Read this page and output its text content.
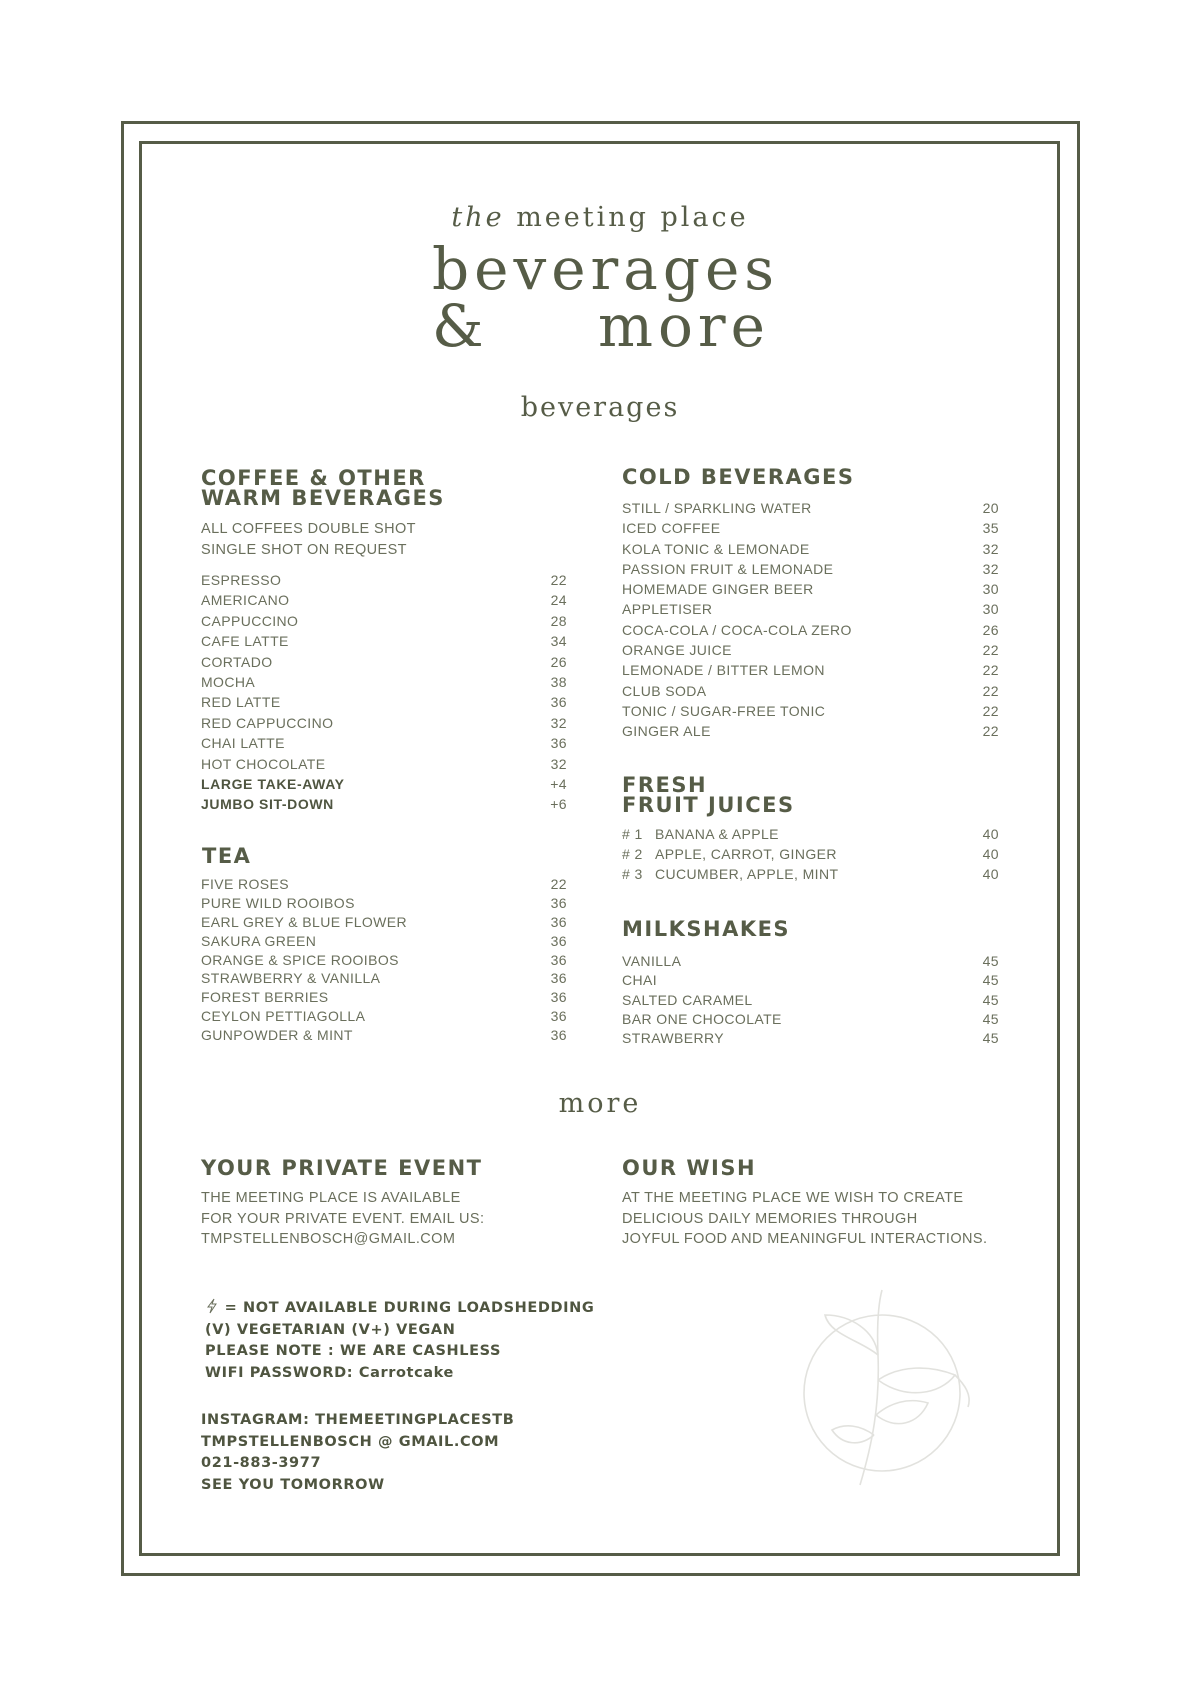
the meeting place
beverages
& more
beverages
COFFEE & OTHER
WARM BEVERAGES
ALL COFFEES DOUBLE SHOT
SINGLE SHOT ON REQUEST
ESPRESSO	22
AMERICANO	24
CAPPUCCINO	28
CAFE LATTE	34
CORTADO	26
MOCHA	38
RED LATTE	36
RED CAPPUCCINO	32
CHAI LATTE	36
HOT CHOCOLATE	32
LARGE TAKE-AWAY	+4
JUMBO SIT-DOWN	+6
TEA
FIVE ROSES	22
PURE WILD ROOIBOS	36
EARL GREY & BLUE FLOWER	36
SAKURA GREEN	36
ORANGE & SPICE ROOIBOS	36
STRAWBERRY & VANILLA	36
FOREST BERRIES	36
CEYLON PETTIAGOLLA	36
GUNPOWDER & MINT	36
COLD BEVERAGES
STILL / SPARKLING WATER	20
ICED COFFEE	35
KOLA TONIC & LEMONADE	32
PASSION FRUIT & LEMONADE	32
HOMEMADE GINGER BEER	30
APPLETISER	30
COCA-COLA / COCA-COLA ZERO	26
ORANGE JUICE	22
LEMONADE / BITTER LEMON	22
CLUB SODA	22
TONIC / SUGAR-FREE TONIC	22
GINGER ALE	22
FRESH
FRUIT JUICES
# 1 BANANA & APPLE	40
# 2 APPLE, CARROT, GINGER	40
# 3 CUCUMBER, APPLE, MINT	40
MILKSHAKES
VANILLA	45
CHAI	45
SALTED CARAMEL	45
BAR ONE CHOCOLATE	45
STRAWBERRY	45
more
YOUR PRIVATE EVENT
THE MEETING PLACE IS AVAILABLE
FOR YOUR PRIVATE EVENT. EMAIL US:
TMPSTELLENBOSCH@GMAIL.COM
OUR WISH
AT THE MEETING PLACE WE WISH TO CREATE
DELICIOUS DAILY MEMORIES THROUGH
JOYFUL FOOD AND MEANINGFUL INTERACTIONS.
= NOT AVAILABLE DURING LOADSHEDDING
(V) VEGETARIAN (V+) VEGAN
PLEASE NOTE : WE ARE CASHLESS
WIFI PASSWORD: Carrotcake
INSTAGRAM: THEMEETINGPLACESTB
TMPSTELLENBOSCH @ GMAIL.COM
021-883-3977
SEE YOU TOMORROW
